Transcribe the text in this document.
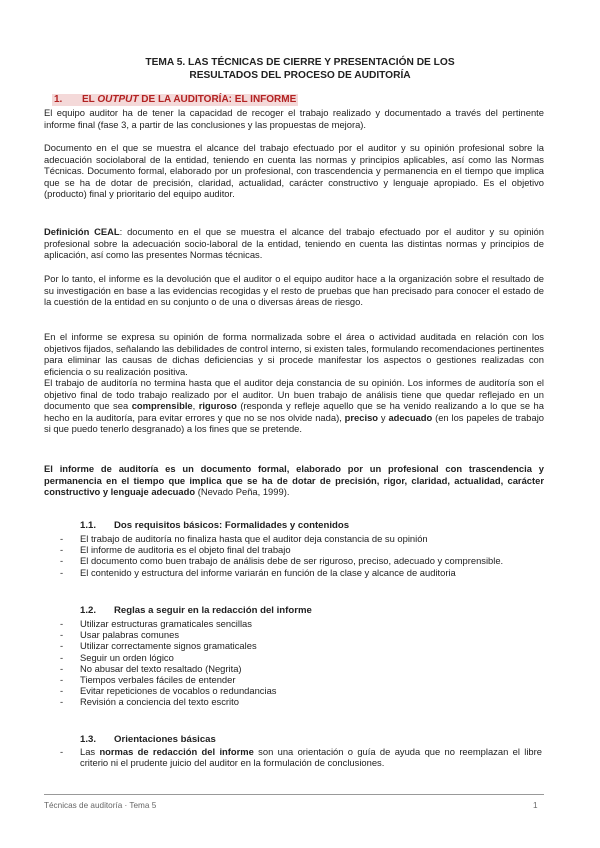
TEMA 5. LAS TÉCNICAS DE CIERRE Y PRESENTACIÓN DE LOS
RESULTADOS DEL PROCESO DE AUDITORÍA
1. EL OUTPUT DE LA AUDITORÍA: EL INFORME

El equipo auditor ha de tener la capacidad de recoger el trabajo realizado y documentado a través del pertinente informe final (fase 3, a partir de las conclusiones y las propuestas de mejora).

Documento en el que se muestra el alcance del trabajo efectuado por el auditor y su opinión profesional sobre la adecuación sociolaboral de la entidad, teniendo en cuenta las normas y principios aplicables, así como las Normas Técnicas. Documento formal, elaborado por un profesional, con trascendencia y permanencia en el tiempo que implica que se ha de dotar de precisión, claridad, actualidad, carácter constructivo y lenguaje apropiado. Es el objetivo (producto) final y prioritario del equipo auditor.

Definición CEAL: documento en el que se muestra el alcance del trabajo efectuado por el auditor y su opinión profesional sobre la adecuación socio-laboral de la entidad, teniendo en cuenta las distintas normas y principios de aplicación, así como las presentes Normas técnicas.

Por lo tanto, el informe es la devolución que el auditor o el equipo auditor hace a la organización sobre el resultado de su investigación en base a las evidencias recogidas y el resto de pruebas que han precisado para conocer el estado de la cuestión de la entidad en su conjunto o de una o diversas áreas de riesgo.

En el informe se expresa su opinión de forma normalizada sobre el área o actividad auditada en relación con los objetivos fijados, señalando las debilidades de control interno, si existen tales, formulando recomendaciones pertinentes para eliminar las causas de dichas deficiencias y si procede manifestar los aspectos o gestiones realizadas con eficiencia o su realización positiva.

El trabajo de auditoría no termina hasta que el auditor deja constancia de su opinión. Los informes de auditoría son el objetivo final de todo trabajo realizado por el auditor. Un buen trabajo de análisis tiene que quedar reflejado en un documento que sea comprensible, riguroso (responda y refleje aquello que se ha venido realizando a lo que se ha hecho en la auditoría, para evitar errores y que no se nos olvide nada), preciso y adecuado (en los papeles de trabajo si que puedo tenerlo desgranado) a los fines que se pretende.

El informe de auditoría es un documento formal, elaborado por un profesional con trascendencia y permanencia en el tiempo que implica que se ha de dotar de precisión, rigor, claridad, actualidad, carácter constructivo y lenguaje adecuado (Nevado Peña, 1999).

1.1. Dos requisitos básicos: Formalidades y contenidos
- El trabajo de auditoría no finaliza hasta que el auditor deja constancia de su opinión
- El informe de auditoria es el objeto final del trabajo
- El documento como buen trabajo de análisis debe de ser riguroso, preciso, adecuado y comprensible.
- El contenido y estructura del informe variarán en función de la clase y alcance de auditoria
1.2. Reglas a seguir en la redacción del informe
- Utilizar estructuras gramaticales sencillas
- Usar palabras comunes
- Utilizar correctamente signos gramaticales
- Seguir un orden lógico
- No abusar del texto resaltado (Negrita)
- Tiempos verbales fáciles de entender
- Evitar repeticiones de vocablos o redundancias
- Revisión a conciencia del texto escrito
1.3. Orientaciones básicas
- Las normas de redacción del informe son una orientación o guía de ayuda que no reemplazan el libre criterio ni el prudente juicio del auditor en la formulación de conclusiones.
Técnicas de auditoría · Tema 5	1
